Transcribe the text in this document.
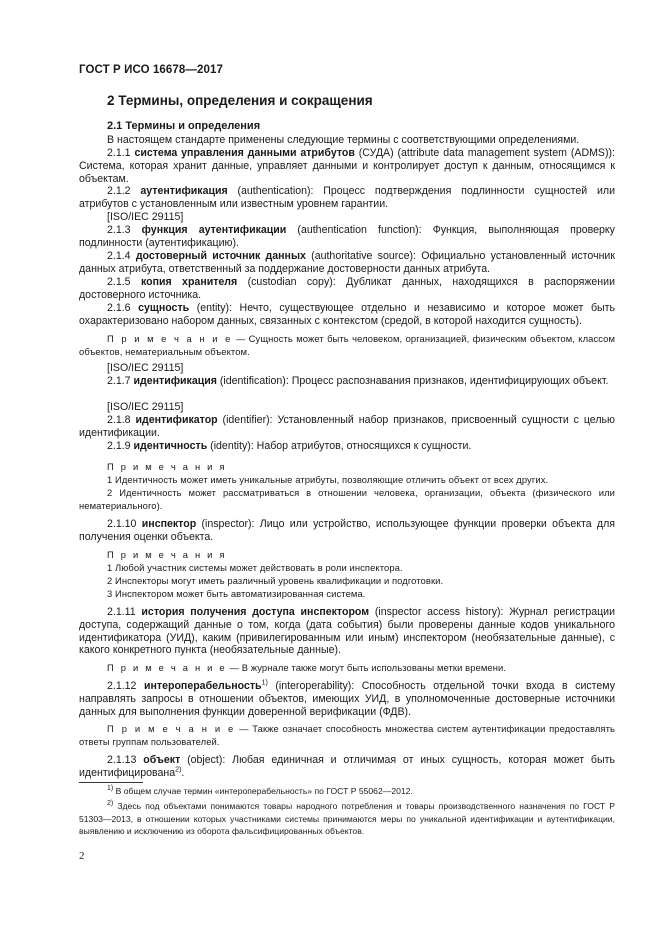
ГОСТ Р ИСО 16678—2017
2 Термины, определения и сокращения
2.1 Термины и определения

В настоящем стандарте применены следующие термины с соответствующими определениями.

2.1.1 система управления данными атрибутов (СУДА) (attribute data management system (ADMS)): Система, которая хранит данные, управляет данными и контролирует доступ к данным, относящимся к объектам.

2.1.2 аутентификация (authentication): Процесс подтверждения подлинности сущностей или атрибутов с установленным или известным уровнем гарантии.

[ISO/IEC 29115]

2.1.3 функция аутентификации (authentication function): Функция, выполняющая проверку подлинности (аутентификацию).

2.1.4 достоверный источник данных (authoritative source): Официально установленный источник данных атрибута, ответственный за поддержание достоверности данных атрибута.

2.1.5 копия хранителя (custodian copy): Дубликат данных, находящихся в распоряжении достоверного источника.

2.1.6 сущность (entity): Нечто, существующее отдельно и независимо и которое может быть охарактеризовано набором данных, связанных с контекстом (средой, в которой находится сущность).

П р и м е ч а н и е — Сущность может быть человеком, организацией, физическим объектом, классом объектов, нематериальным объектом.

[ISO/IEC 29115]

2.1.7 идентификация (identification): Процесс распознавания признаков, идентифицирующих объект.

[ISO/IEC 29115]

2.1.8 идентификатор (identifier): Установленный набор признаков, присвоенный сущности с целью идентификации.

2.1.9 идентичность (identity): Набор атрибутов, относящихся к сущности.

П р и м е ч а н и я

1 Идентичность может иметь уникальные атрибуты, позволяющие отличить объект от всех других.

2 Идентичность может рассматриваться в отношении человека, организации, объекта (физического или нематериального).

2.1.10 инспектор (inspector): Лицо или устройство, использующее функции проверки объекта для получения оценки объекта.

П р и м е ч а н и я

1 Любой участник системы может действовать в роли инспектора.

2 Инспекторы могут иметь различный уровень квалификации и подготовки.

3 Инспектором может быть автоматизированная система.

2.1.11 история получения доступа инспектором (inspector access history): Журнал регистрации доступа, содержащий данные о том, когда (дата события) были проверены данные кодов уникального идентификатора (УИД), каким (привилегированным или иным) инспектором (необязательные данные), с какого конкретного пункта (необязательные данные).

П р и м е ч а н и е — В журнале также могут быть использованы метки времени.

2.1.12 интероперабельность$^{1)}$ (interoperability): Способность отдельной точки входа в систему направлять запросы в отношении объектов, имеющих УИД, в уполномоченные достоверные источники данных для выполнения функции доверенной верификации (ФДВ).

П р и м е ч а н и е — Также означает способность множества систем аутентификации предоставлять ответы группам пользователей.

2.1.13 объект (object): Любая единичная и отличимая от иных сущность, которая может быть идентифицирована$^{2)}$.

$^{1)}$ В общем случае термин «интероперабельность» по ГОСТ Р 55062—2012.

$^{2)}$ Здесь под объектами понимаются товары народного потребления и товары производственного назначения по ГОСТ Р 51303—2013, в отношении которых участниками системы принимаются меры по уникальной идентификации и аутентификации, выявлению и исключению из оборота фальсифицированных объектов.

2
